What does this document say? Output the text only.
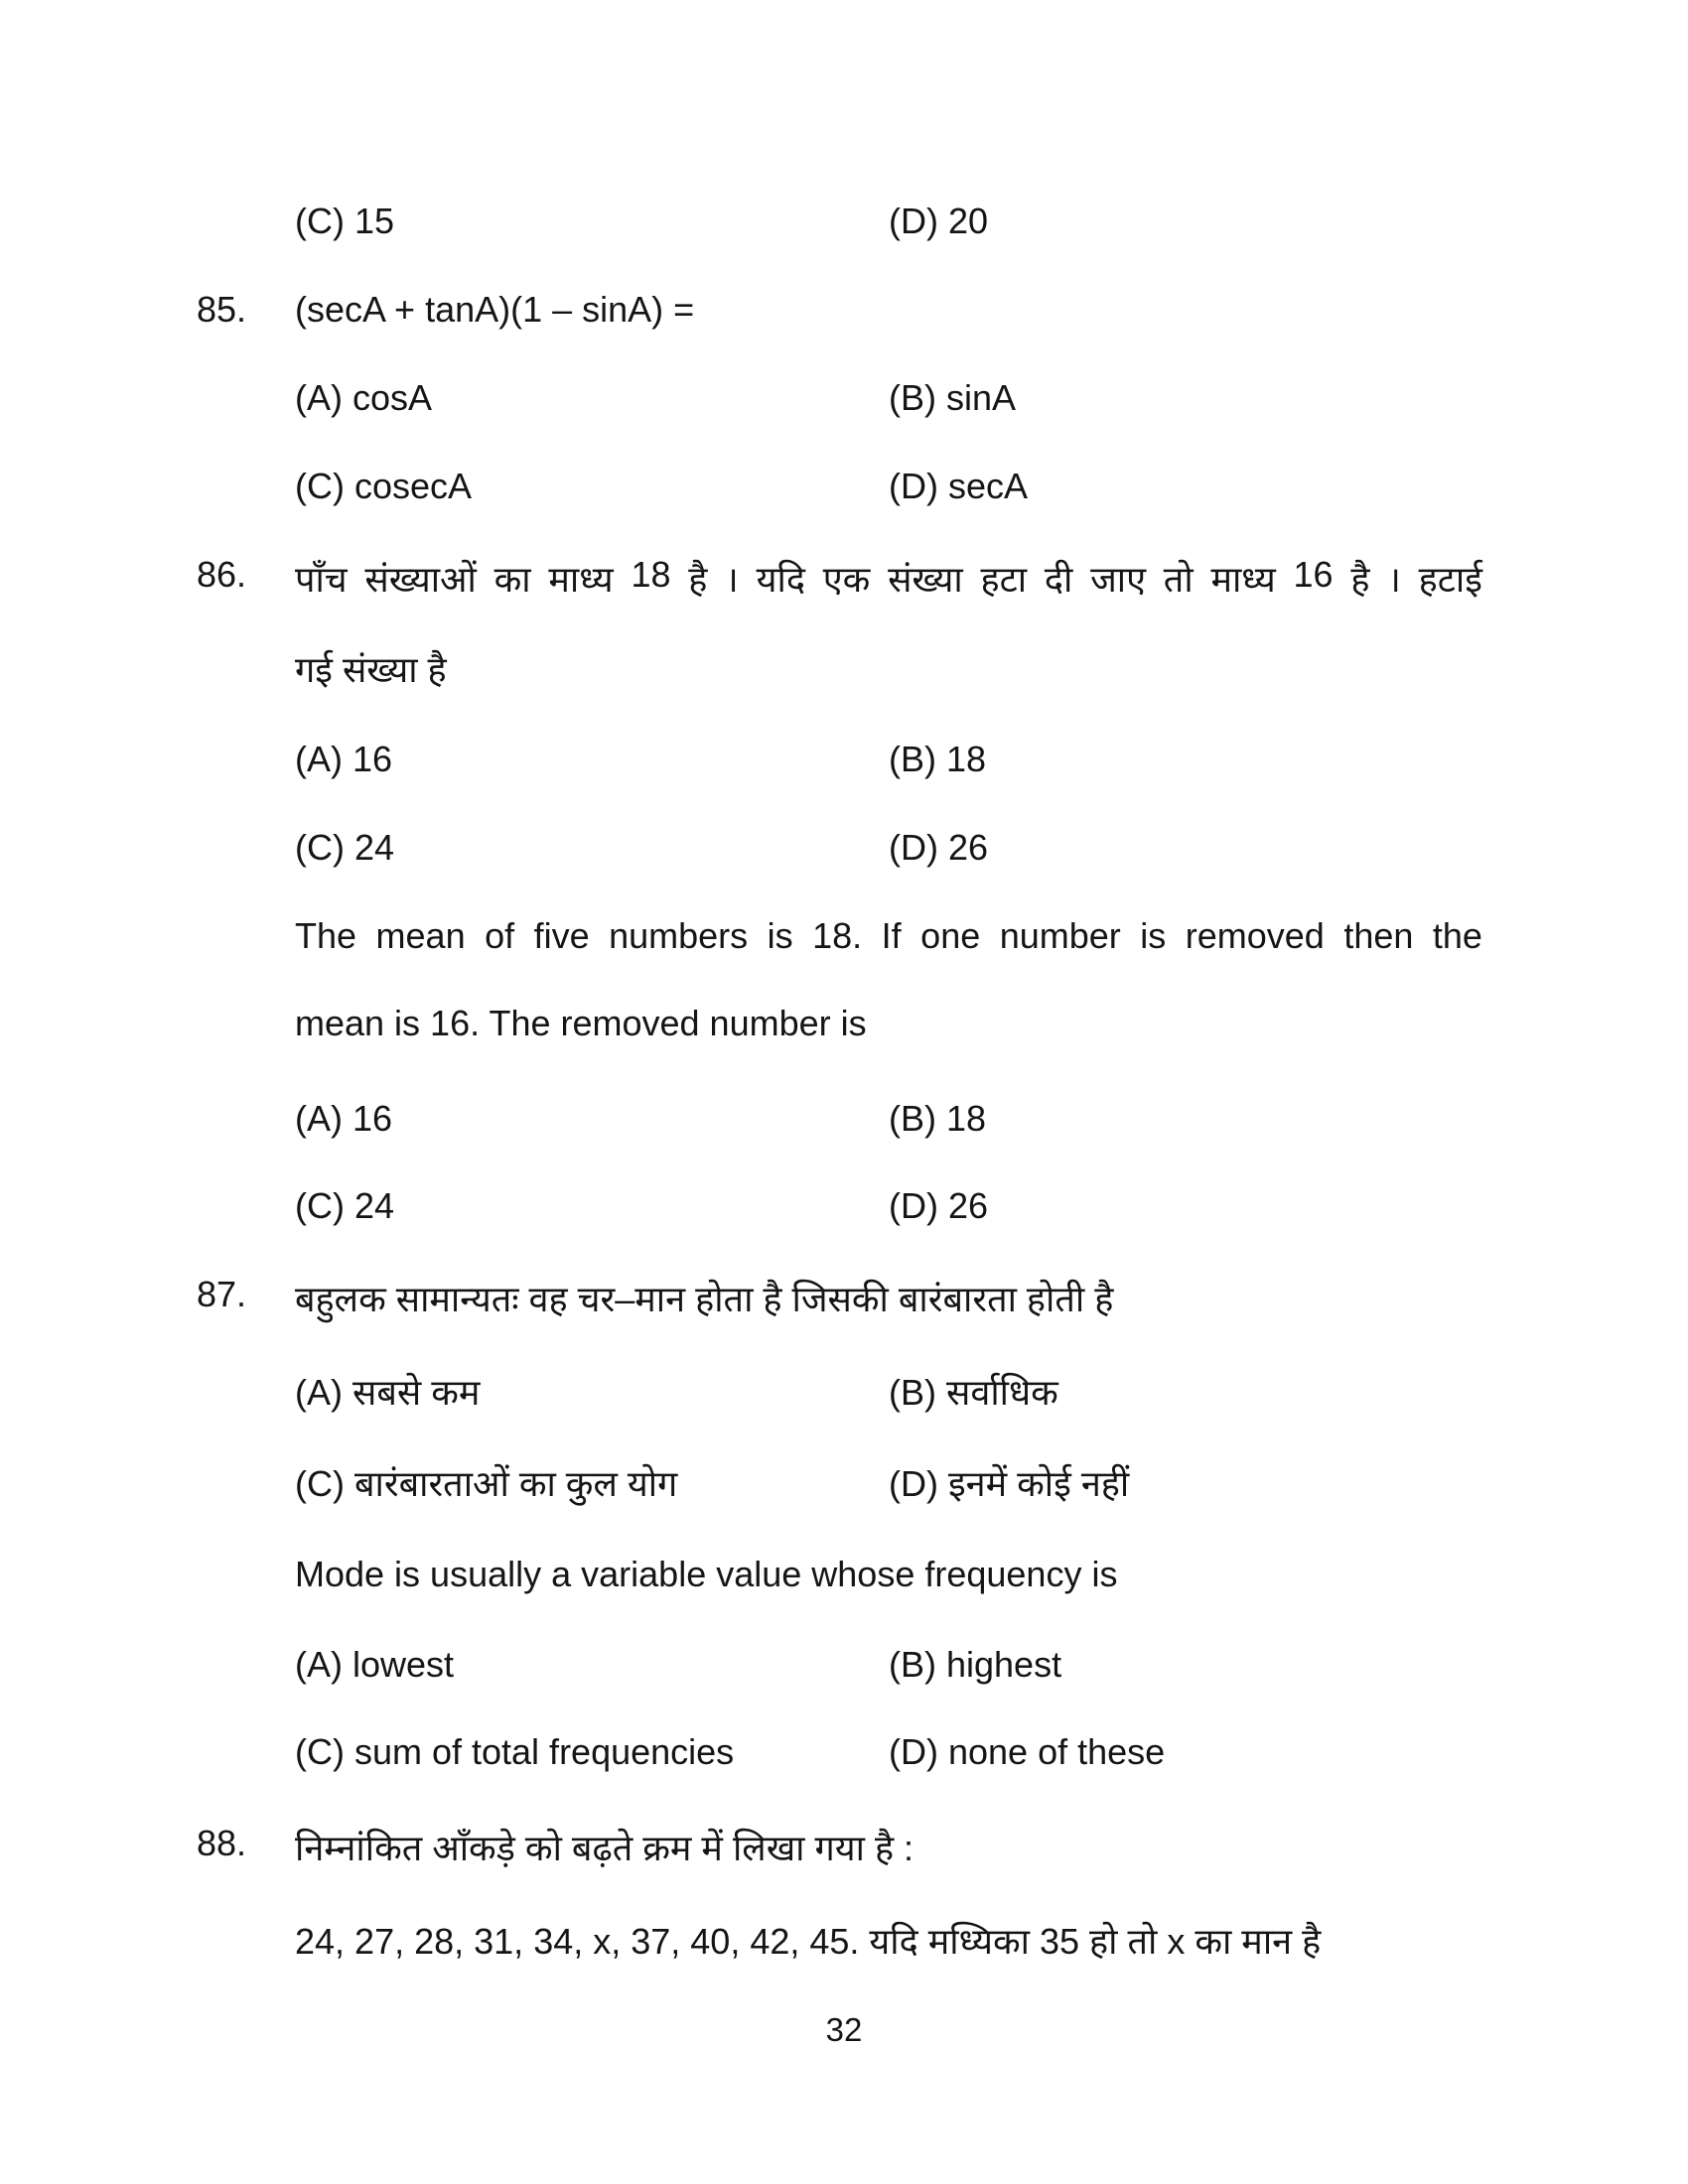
(C) 15	(D) 20
85. (secA + tanA)(1 – sinA) =
(A) cosA	(B) sinA
(C) cosecA	(D) secA
86. पाँच संख्याओं का माध्य 18 है । यदि एक संख्या हटा दी जाए तो माध्य 16 है । हटाई
गई संख्या है
(A) 16	(B) 18
(C) 24	(D) 26
The mean of five numbers is 18. If one number is removed then the
mean is 16. The removed number is
(A) 16	(B) 18
(C) 24	(D) 26
87. बहुलक सामान्यतः वह चर–मान होता है जिसकी बारंबारता होती है
(A) सबसे कम	(B) सर्वाधिक
(C) बारंबारताओं का कुल योग	(D) इनमें कोई नहीं
Mode is usually a variable value whose frequency is
(A) lowest	(B) highest
(C) sum of total frequencies	(D) none of these
88. निम्नांकित आँकड़े को बढ़ते क्रम में लिखा गया है :
24, 27, 28, 31, 34, x, 37, 40, 42, 45. यदि मध्यिका 35 हो तो x का मान है
32
